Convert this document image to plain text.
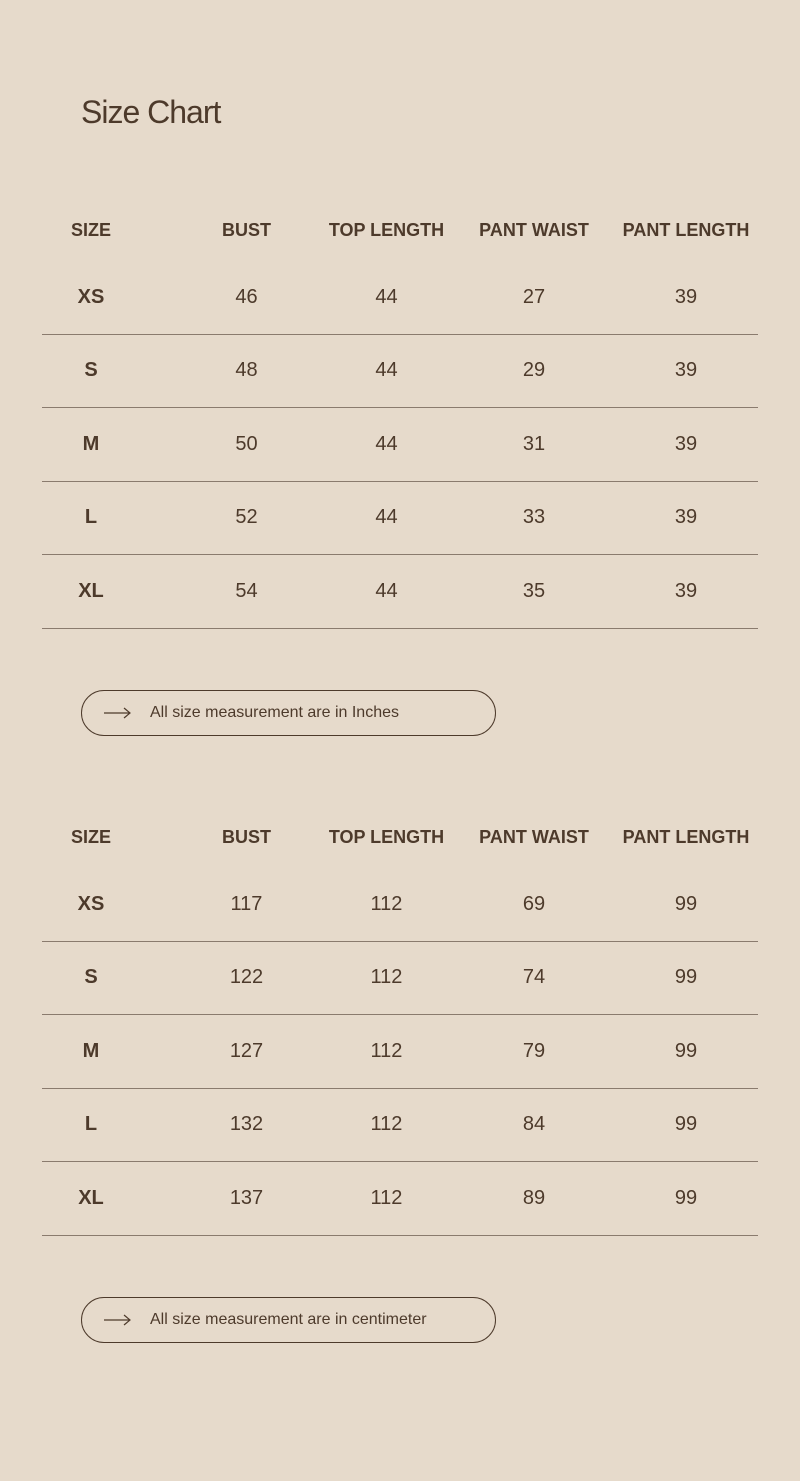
Size Chart
SIZE	BUST	TOP LENGTH	PANT WAIST	PANT LENGTH
XS	46	44	27	39
S	48	44	29	39
M	50	44	31	39
L	52	44	33	39
XL	54	44	35	39
All size measurement are in Inches
SIZE	BUST	TOP LENGTH	PANT WAIST	PANT LENGTH
XS	117	112	69	99
S	122	112	74	99
M	127	112	79	99
L	132	112	84	99
XL	137	112	89	99
All size measurement are in centimeter
